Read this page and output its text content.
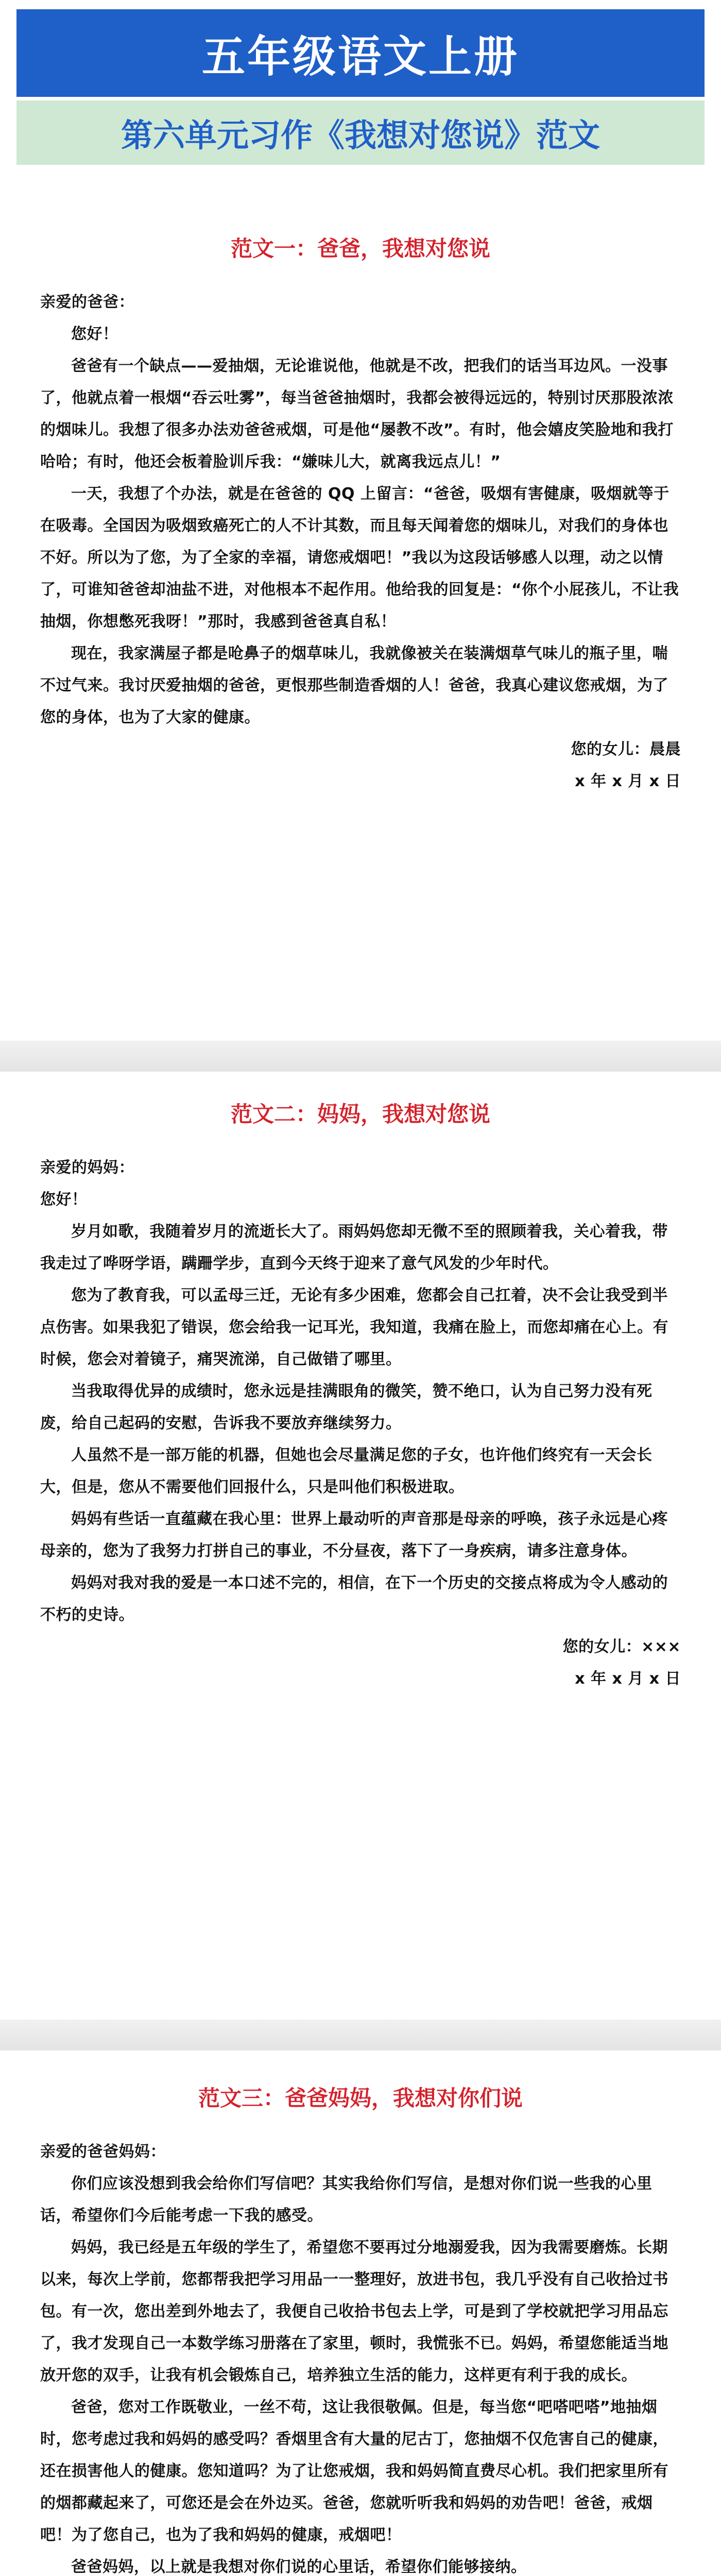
五年级语文上册
第六单元习作《我想对您说》范文
范文一：爸爸，我想对您说

亲爱的爸爸：

您好！

爸爸有一个缺点——爱抽烟，无论谁说他，他就是不改，把我们的话当耳边风。一没事了，他就点着一根烟“吞云吐雾”，每当爸爸抽烟时，我都会被得远远的，特别讨厌那股浓浓的烟味儿。我想了很多办法劝爸爸戒烟，可是他“屡教不改”。有时，他会嬉皮笑脸地和我打哈哈；有时，他还会板着脸训斥我：“嫌味儿大，就离我远点儿！”

一天，我想了个办法，就是在爸爸的 QQ 上留言：“爸爸，吸烟有害健康，吸烟就等于在吸毒。全国因为吸烟致癌死亡的人不计其数，而且每天闻着您的烟味儿，对我们的身体也不好。所以为了您，为了全家的幸福，请您戒烟吧！”我以为这段话够感人以理，动之以情了，可谁知爸爸却油盐不进，对他根本不起作用。他给我的回复是：“你个小屁孩儿，不让我抽烟，你想憋死我呀！”那时，我感到爸爸真自私！

现在，我家满屋子都是呛鼻子的烟草味儿，我就像被关在装满烟草气味儿的瓶子里，喘不过气来。我讨厌爱抽烟的爸爸，更恨那些制造香烟的人！爸爸，我真心建议您戒烟，为了您的身体，也为了大家的健康。

您的女儿：晨晨

x 年 x 月 x 日

范文二：妈妈，我想对您说

亲爱的妈妈：

您好！

岁月如歌，我随着岁月的流逝长大了。雨妈妈您却无微不至的照顾着我，关心着我，带我走过了哗呀学语，蹒跚学步，直到今天终于迎来了意气风发的少年时代。

您为了教育我，可以孟母三迁，无论有多少困难，您都会自己扛着，决不会让我受到半点伤害。如果我犯了错误，您会给我一记耳光，我知道，我痛在脸上，而您却痛在心上。有时候，您会对着镜子，痛哭流涕，自己做错了哪里。

当我取得优异的成绩时，您永远是挂满眼角的微笑，赞不绝口，认为自己努力没有死废，给自己起码的安慰，告诉我不要放弃继续努力。

人虽然不是一部万能的机器，但她也会尽量满足您的子女，也许他们终究有一天会长大，但是，您从不需要他们回报什么，只是叫他们积极进取。

妈妈有些话一直蕴藏在我心里：世界上最动听的声音那是母亲的呼唤，孩子永远是心疼母亲的，您为了我努力打拼自己的事业，不分昼夜，落下了一身疾病，请多注意身体。

妈妈对我对我的爱是一本口述不完的，相信，在下一个历史的交接点将成为令人感动的不朽的史诗。

您的女儿：×××

x 年 x 月 x 日

范文三：爸爸妈妈，我想对你们说

亲爱的爸爸妈妈：

你们应该没想到我会给你们写信吧？其实我给你们写信，是想对你们说一些我的心里话，希望你们今后能考虑一下我的感受。

妈妈，我已经是五年级的学生了，希望您不要再过分地溺爱我，因为我需要磨炼。长期以来，每次上学前，您都帮我把学习用品一一整理好，放进书包，我几乎没有自己收拾过书包。有一次，您出差到外地去了，我便自己收拾书包去上学，可是到了学校就把学习用品忘了，我才发现自己一本数学练习册落在了家里，顿时，我慌张不已。妈妈，希望您能适当地放开您的双手，让我有机会锻炼自己，培养独立生活的能力，这样更有利于我的成长。

爸爸，您对工作既敬业，一丝不苟，这让我很敬佩。但是，每当您“吧嗒吧嗒”地抽烟时，您考虑过我和妈妈的感受吗？香烟里含有大量的尼古丁，您抽烟不仅危害自己的健康，还在损害他人的健康。您知道吗？为了让您戒烟，我和妈妈简直费尽心机。我们把家里所有的烟都藏起来了，可您还是会在外边买。爸爸，您就听听我和妈妈的劝告吧！爸爸，戒烟吧！为了您自己，也为了我和妈妈的健康，戒烟吧！

爸爸妈妈，以上就是我想对你们说的心里话，希望你们能够接纳。
